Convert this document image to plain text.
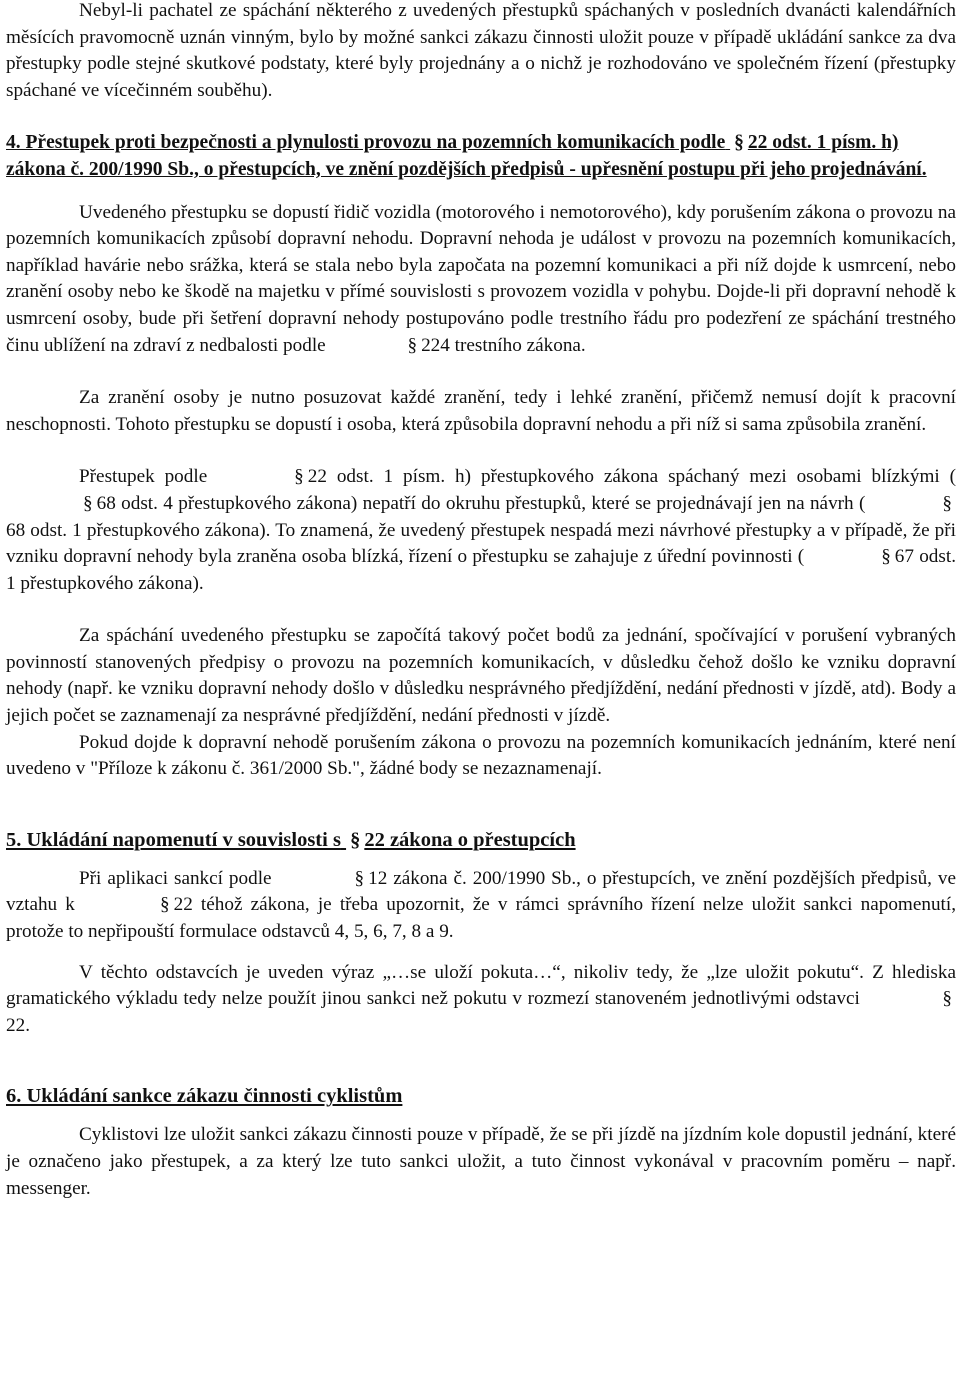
Nebyl-li pachatel ze spáchání některého z uvedených přestupků spáchaných v posledních dvanácti kalendářních měsících pravomocně uznán vinným, bylo by možné sankci zákazu činnosti uložit pouze v případě ukládání sankce za dva přestupky podle stejné skutkové podstaty, které byly projednány a o nichž je rozhodováno ve společném řízení (přestupky spáchané ve vícečinném souběhu).

4. Přestupek proti bezpečnosti a plynulosti provozu na pozemních komunikacích podle § 22 odst. 1 písm. h) zákona č. 200/1990 Sb., o přestupcích, ve znění pozdějších předpisů - upřesnění postupu při jeho projednávání.

Uvedeného přestupku se dopustí řidič vozidla (motorového i nemotorového), kdy porušením zákona o provozu na pozemních komunikacích způsobí dopravní nehodu. Dopravní nehoda je událost v provozu na pozemních komunikacích, například havárie nebo srážka, která se stala nebo byla započata na pozemní komunikaci a při níž dojde k usmrcení, nebo zranění osoby nebo ke škodě na majetku v přímé souvislosti s provozem vozidla v pohybu. Dojde-li při dopravní nehodě k usmrcení osoby, bude při šetření dopravní nehody postupováno podle trestního řádu pro podezření ze spáchání trestného činu ublížení na zdraví z nedbalosti podle	§ 224 trestního zákona.

Za zranění osoby je nutno posuzovat každé zranění, tedy i lehké zranění, přičemž nemusí dojít k pracovní neschopnosti. Tohoto přestupku se dopustí i osoba, která způsobila dopravní nehodu a při níž si sama způsobila zranění.

Přestupek podle	§ 22 odst. 1 písm. h) přestupkového zákona spáchaný mezi osobami blízkými (§ 68 odst. 4 přestupkového zákona) nepatří do okruhu přestupků, které se projednávají jen na návrh (	§68 odst. 1 přestupkového zákona). To znamená, že uvedený přestupek nespadá mezi návrhové přestupky a v případě, že při vzniku dopravní nehody byla zraněna osoba blízká, řízení o přestupku se zahajuje z úřední povinnosti (	§ 67 odst. 1 přestupkového zákona).

Za spáchání uvedeného přestupku se započítá takový počet bodů za jednání, spočívající v porušení vybraných povinností stanovených předpisy o provozu na pozemních komunikacích, v důsledku čehož došlo ke vzniku dopravní nehody (např. ke vzniku dopravní nehody došlo v důsledku nesprávného předjíždění, nedání přednosti v jízdě, atd). Body a jejich počet se zaznamenají za nesprávné předjíždění, nedání přednosti v jízdě.

Pokud dojde k dopravní nehodě porušením zákona o provozu na pozemních komunikacích jednáním, které není uvedeno v "Příloze k zákonu č. 361/2000 Sb.", žádné body se nezaznamenají.

5. Ukládání napomenutí v souvislosti s § 22 zákona o přestupcích

Při aplikaci sankcí podle	§ 12 zákona č. 200/1990 Sb., o přestupcích, ve znění pozdějších předpisů, ve vztahu k	§ 22 téhož zákona, je třeba upozornit, že v rámci správního řízení nelze uložit sankci napomenutí, protože to nepřipouští formulace odstavců 4, 5, 6, 7, 8 a 9.

V těchto odstavcích je uveden výraz „…se uloží pokuta…“, nikoliv tedy, že „lze uložit pokutu“. Z hlediska gramatického výkladu tedy nelze použít jinou sankci než pokutu v rozmezí stanoveném jednotlivými odstavci	§22.

6. Ukládání sankce zákazu činnosti cyklistům

Cyklistovi lze uložit sankci zákazu činnosti pouze v případě, že se při jízdě na jízdním kole dopustil jednání, které je označeno jako přestupek, a za který lze tuto sankci uložit, a tuto činnost vykonával v pracovním poměru – např. messenger.
